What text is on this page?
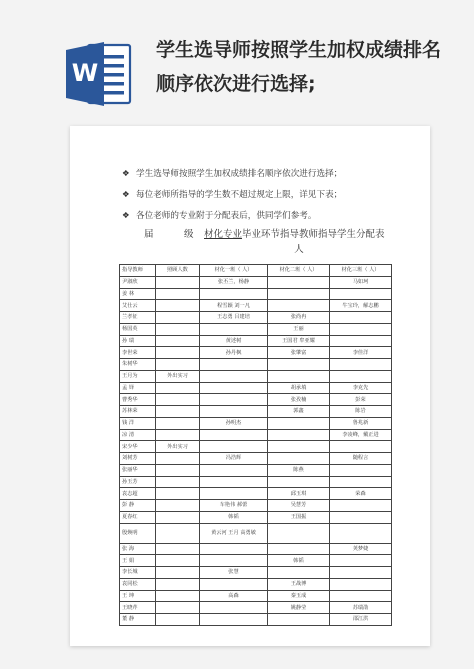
W
学生选导师按照学生加权成绩排名顺序依次进行选择;
❖ 学生选导师按照学生加权成绩排名顺序依次进行选择；
❖ 每位老师所指导的学生数不超过规定上限，详见下表；
❖ 各位老师的专业附于分配表后，供同学们参考。
届	级 材化专业毕业环节指导教师指导学生分配表
人
指导教师	照顾人数	材化一班（ 人）	材化二班（ 人）	材化三班（ 人）
尹淑欣		张丕兰，杨静		马如珂
姜 林				
艾仕云		程雪颖 刘一凡		牛宝玲，解志鹏
兰孝征		王志勇 吕建培	张尚冉	
杨国英			王丽	
孙 瑞		黄述树	王国君 牟亚耀	
李世荣		孙丹枫	张肇富	李佳洋
朱树华				
王月为	外出实习			
孟 铎			胡承填	李克先
曹秀华			张孜楠	彭荣
苏林荣			郭鑫	陈岩
钱 洋		孙明杰		鲁兆新
凉 清				李凌峰，戴正进
宋少华	外出实习			
刘树芳		冯浩辉		随程言
张丽华			陈燕	
孙玉芳				
袁志超			邱玉琪	荣森
彭 静		车艳伟 郝蕾	吴慧芳	
夏春红		韩韬	王国振	
殷焕明		黄云河 王月 高勇敏		
张 海				荚梦婕
王 娟			韩韬	
李长城		张慧		
袁同松			王战博	
王 坤		高森	秦玉成	
王晓芹			姚静莹	苏瑞劭
董 静				邵江洪
